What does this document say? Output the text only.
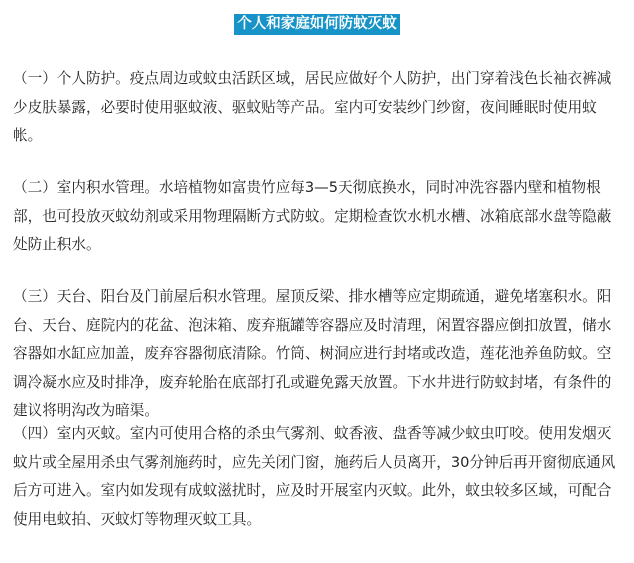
个人和家庭如何防蚊灭蚊

（一）个人防护。疫点周边或蚊虫活跃区域，居民应做好个人防护，出门穿着浅色长袖衣裤减少皮肤暴露，必要时使用驱蚊液、驱蚊贴等产品。室内可安装纱门纱窗，夜间睡眠时使用蚊帐。

（二）室内积水管理。水培植物如富贵竹应每3—5天彻底换水，同时冲洗容器内壁和植物根部，也可投放灭蚊幼剂或采用物理隔断方式防蚊。定期检查饮水机水槽、冰箱底部水盘等隐蔽处防止积水。

（三）天台、阳台及门前屋后积水管理。屋顶反梁、排水槽等应定期疏通，避免堵塞积水。阳台、天台、庭院内的花盆、泡沫箱、废弃瓶罐等容器应及时清理，闲置容器应倒扣放置，储水容器如水缸应加盖，废弃容器彻底清除。竹筒、树洞应进行封堵或改造，莲花池养鱼防蚊。空调冷凝水应及时排净，废弃轮胎在底部打孔或避免露天放置。下水井进行防蚊封堵，有条件的建议将明沟改为暗渠。

（四）室内灭蚊。室内可使用合格的杀虫气雾剂、蚊香液、盘香等减少蚊虫叮咬。使用发烟灭蚊片或全屋用杀虫气雾剂施药时，应先关闭门窗，施药后人员离开，30分钟后再开窗彻底通风后方可进入。室内如发现有成蚊滋扰时，应及时开展室内灭蚊。此外，蚊虫较多区域，可配合使用电蚊拍、灭蚊灯等物理灭蚊工具。
